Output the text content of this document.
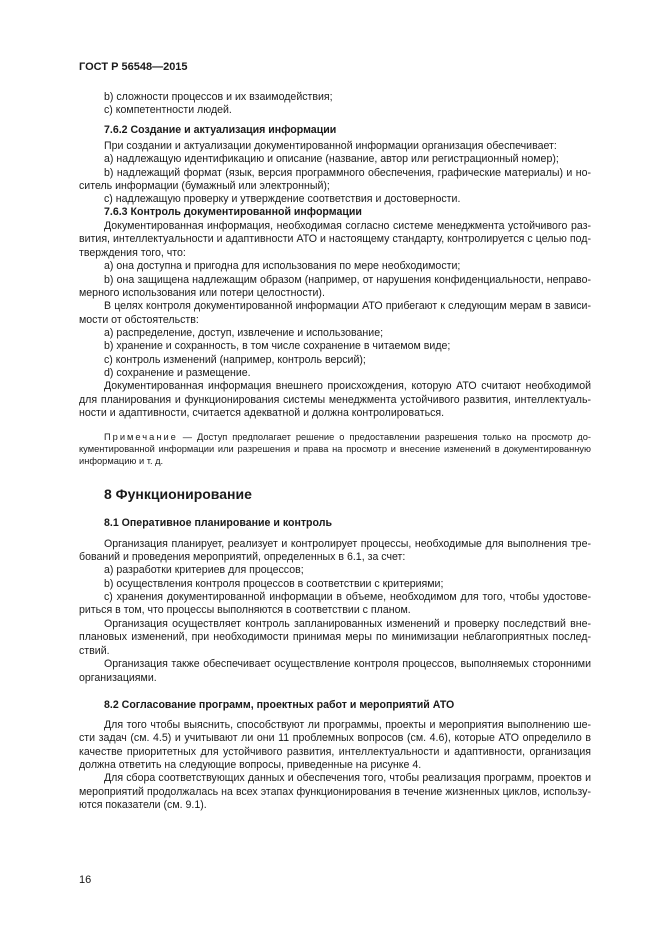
ГОСТ Р 56548—2015
b) сложности процессов и их взаимодействия;
c) компетентности людей.
7.6.2 Создание и актуализация информации
При создании и актуализации документированной информации организация обеспечивает:
a) надлежащую идентификацию и описание (название, автор или регистрационный номер);
b) надлежащий формат (язык, версия программного обеспечения, графические материалы) и но-
ситель информации (бумажный или электронный);
c) надлежащую проверку и утверждение соответствия и достоверности.
7.6.3 Контроль документированной информации
Документированная информация, необходимая согласно системе менеджмента устойчивого раз-
вития, интеллектуальности и адаптивности АТО и настоящему стандарту, контролируется с целью под-
тверждения того, что:
a) она доступна и пригодна для использования по мере необходимости;
b) она защищена надлежащим образом (например, от нарушения конфиденциальности, неправо-
мерного использования или потери целостности).
В целях контроля документированной информации АТО прибегают к следующим мерам в зависи-
мости от обстоятельств:
a) распределение, доступ, извлечение и использование;
b) хранение и сохранность, в том числе сохранение в читаемом виде;
c) контроль изменений (например, контроль версий);
d) сохранение и размещение.
Документированная информация внешнего происхождения, которую АТО считают необходимой
для планирования и функционирования системы менеджмента устойчивого развития, интеллектуаль-
ности и адаптивности, считается адекватной и должна контролироваться.
Примечание — Доступ предполагает решение о предоставлении разрешения только на просмотр до-
кументированной информации или разрешения и права на просмотр и внесение изменений в документированную
информацию и т. д.
8 Функционирование
8.1 Оперативное планирование и контроль
Организация планирует, реализует и контролирует процессы, необходимые для выполнения тре-
бований и проведения мероприятий, определенных в 6.1, за счет:
a) разработки критериев для процессов;
b) осуществления контроля процессов в соответствии с критериями;
c) хранения документированной информации в объеме, необходимом для того, чтобы удостове-
риться в том, что процессы выполняются в соответствии с планом.
Организация осуществляет контроль запланированных изменений и проверку последствий вне-
плановых изменений, при необходимости принимая меры по минимизации неблагоприятных послед-
ствий.
Организация также обеспечивает осуществление контроля процессов, выполняемых сторонними
организациями.
8.2 Согласование программ, проектных работ и мероприятий АТО
Для того чтобы выяснить, способствуют ли программы, проекты и мероприятия выполнению ше-
сти задач (см. 4.5) и учитывают ли они 11 проблемных вопросов (см. 4.6), которые АТО определило в
качестве приоритетных для устойчивого развития, интеллектуальности и адаптивности, организация
должна ответить на следующие вопросы, приведенные на рисунке 4.
Для сбора соответствующих данных и обеспечения того, чтобы реализация программ, проектов и
мероприятий продолжалась на всех этапах функционирования в течение жизненных циклов, использу-
ются показатели (см. 9.1).
16
